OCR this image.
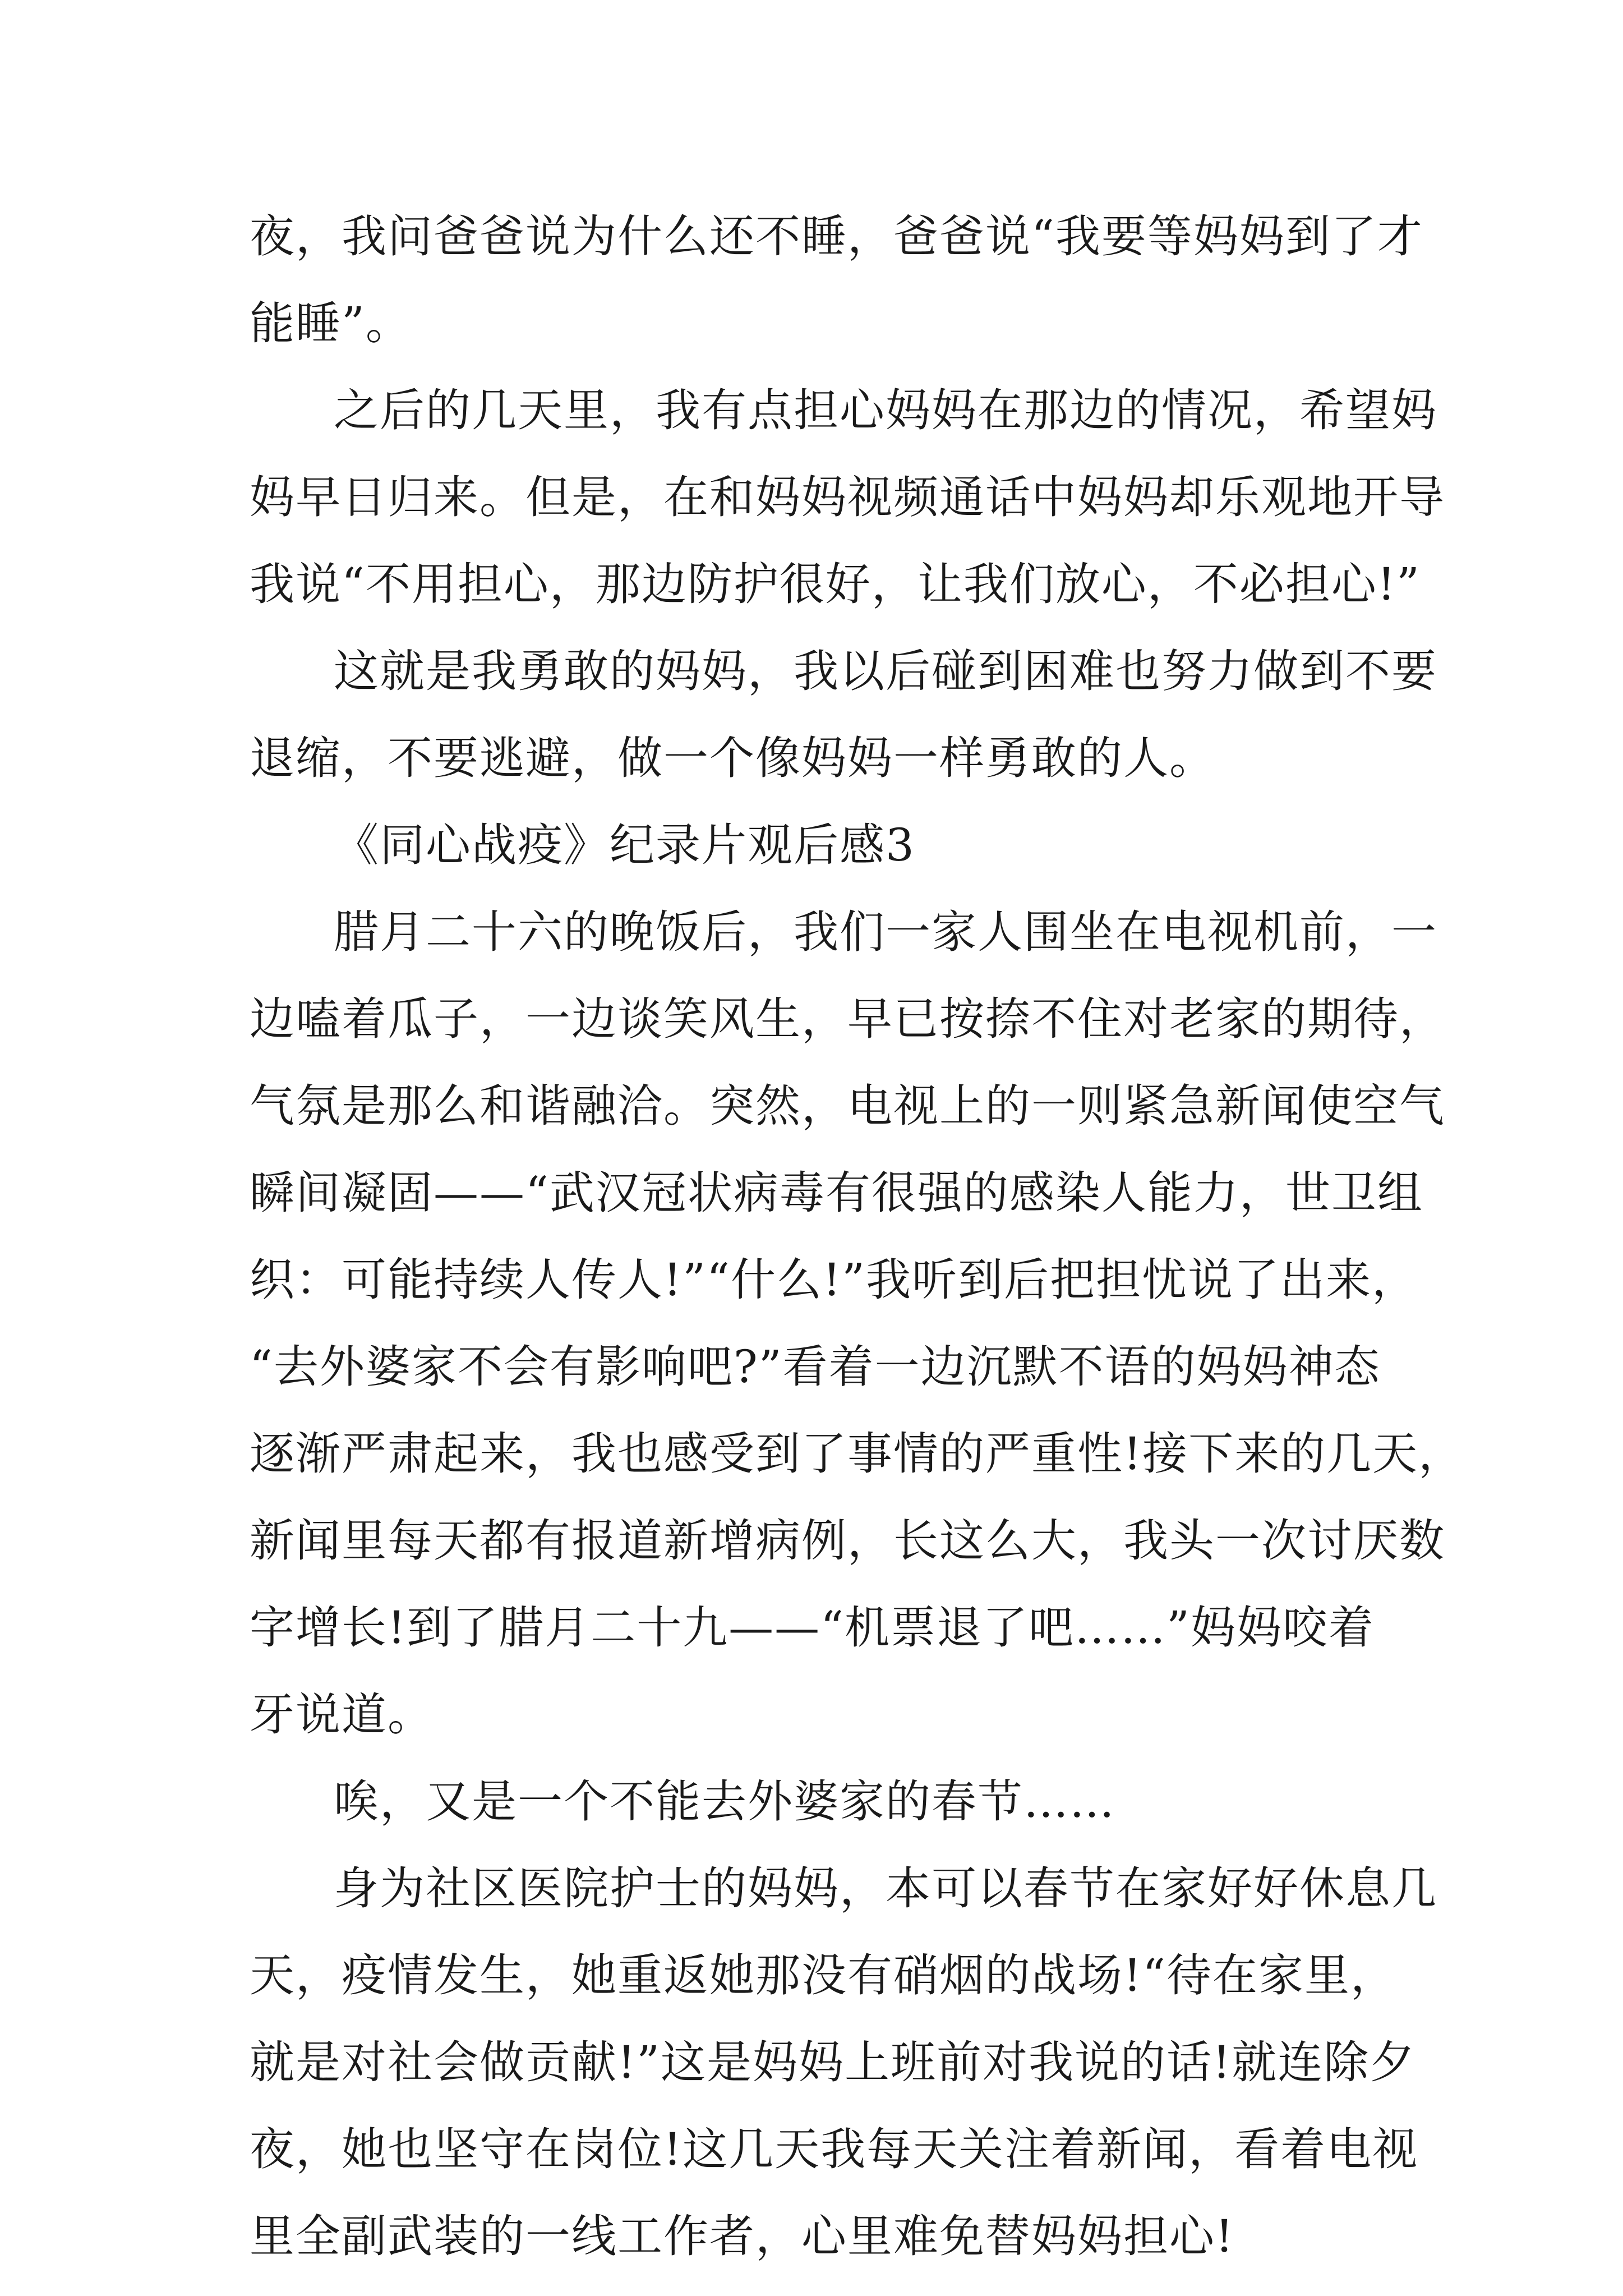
夜，我问爸爸说为什么还不睡，爸爸说“我要等妈妈到了才
能睡”。
之后的几天里，我有点担心妈妈在那边的情况，希望妈
妈早日归来。但是，在和妈妈视频通话中妈妈却乐观地开导
我说“不用担心，那边防护很好，让我们放心，不必担心!”
这就是我勇敢的妈妈，我以后碰到困难也努力做到不要
退缩，不要逃避，做一个像妈妈一样勇敢的人。
《同心战疫》纪录片观后感3
腊月二十六的晚饭后，我们一家人围坐在电视机前，一
边嗑着瓜子，一边谈笑风生，早已按捺不住对老家的期待，
气氛是那么和谐融洽。突然，电视上的一则紧急新闻使空气
瞬间凝固——“武汉冠状病毒有很强的感染人能力，世卫组
织：可能持续人传人!”“什么!”我听到后把担忧说了出来，
“去外婆家不会有影响吧?”看着一边沉默不语的妈妈神态
逐渐严肃起来，我也感受到了事情的严重性!接下来的几天，
新闻里每天都有报道新增病例，长这么大，我头一次讨厌数
字增长!到了腊月二十九——“机票退了吧……”妈妈咬着
牙说道。
唉，又是一个不能去外婆家的春节……
身为社区医院护士的妈妈，本可以春节在家好好休息几
天，疫情发生，她重返她那没有硝烟的战场!“待在家里，
就是对社会做贡献!”这是妈妈上班前对我说的话!就连除夕
夜，她也坚守在岗位!这几天我每天关注着新闻，看着电视
里全副武装的一线工作者，心里难免替妈妈担心!
